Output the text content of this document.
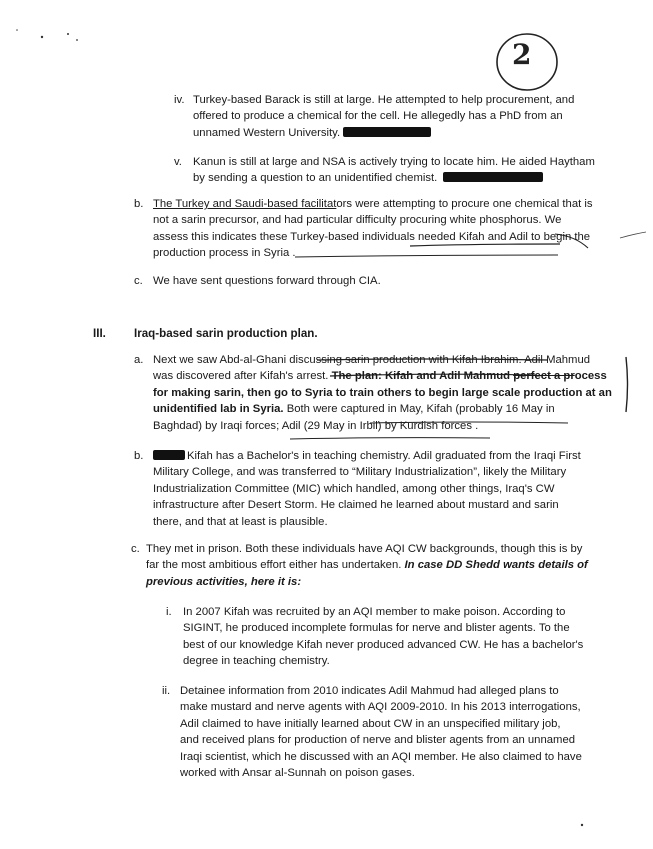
2
iv. Turkey-based Barack is still at large. He attempted to help procurement, and
offered to produce a chemical for the cell. He allegedly has a PhD from an
unnamed Western University.
v. Kanun is still at large and NSA is actively trying to locate him. He aided Haytham
by sending a question to an unidentified chemist.
b. The Turkey and Saudi-based facilitators were attempting to procure one chemical that is
not a sarin precursor, and had particular difficulty procuring white phosphorus. We
assess this indicates these Turkey-based individuals needed Kifah and Adil to begin the
production process in Syria .
c. We have sent questions forward through CIA.
III. Iraq-based sarin production plan.
a. Next we saw Abd-al-Ghani discussing sarin production with Kifah Ibrahim. Adil Mahmud
was discovered after Kifah's arrest. The plan: Kifah and Adil Mahmud perfect a process
for making sarin, then go to Syria to train others to begin large scale production at an
unidentified lab in Syria. Both were captured in May, Kifah (probably 16 May in
Baghdad) by Iraqi forces; Adil (29 May in Irbil) by Kurdish forces .
b.	Kifah has a Bachelor's in teaching chemistry. Adil graduated from the Iraqi First
Military College, and was transferred to “Military Industrialization”, likely the Military
Industrialization Committee (MIC) which handled, among other things, Iraq's CW
infrastructure after Desert Storm. He claimed he learned about mustard and sarin
there, and that at least is plausible.
c. They met in prison. Both these individuals have AQI CW backgrounds, though this is by
far the most ambitious effort either has undertaken. In case DD Shedd wants details of
previous activities, here it is:
i. In 2007 Kifah was recruited by an AQI member to make poison. According to
SIGINT, he produced incomplete formulas for nerve and blister agents. To the
best of our knowledge Kifah never produced advanced CW. He has a bachelor's
degree in teaching chemistry.
ii. Detainee information from 2010 indicates Adil Mahmud had alleged plans to
make mustard and nerve agents with AQI 2009-2010. In his 2013 interrogations,
Adil claimed to have initially learned about CW in an unspecified military job,
and received plans for production of nerve and blister agents from an unnamed
Iraqi scientist, which he discussed with an AQI member. He also claimed to have
worked with Ansar al-Sunnah on poison gases.
